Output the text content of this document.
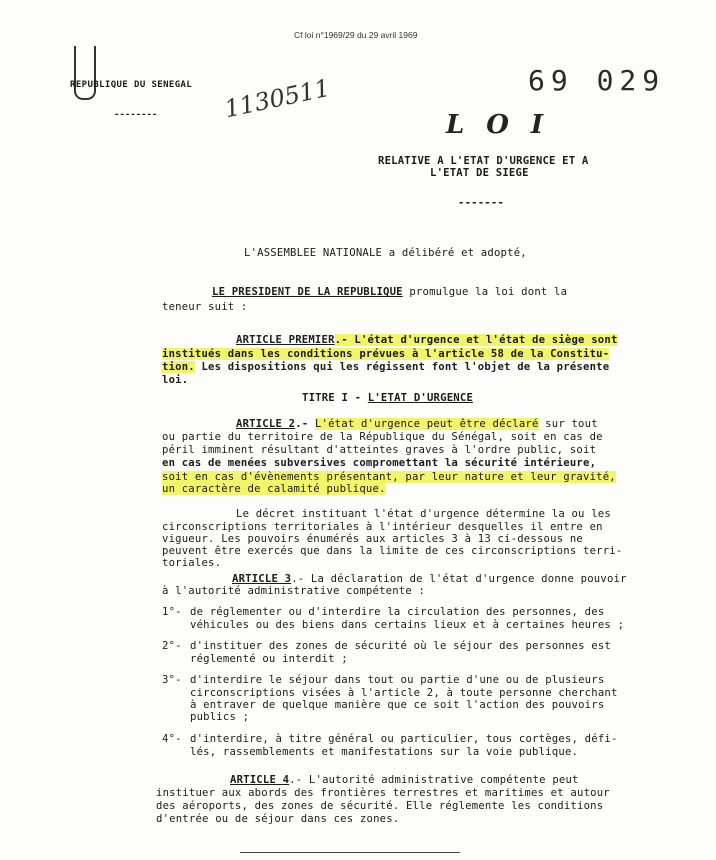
Cf loi n°1969/29 du 29 avril 1969
REPUBLIQUE DU SENEGAL
--------	1130511	69 029
LOI
RELATIVE A L'ETAT D'URGENCE ET A
L'ETAT DE SIEGE
-------
L'ASSEMBLEE NATIONALE a délibéré et adopté,
LE PRESIDENT DE LA REPUBLIQUE promulgue la loi dont la
teneur suit :
ARTICLE PREMIER.- L'état d'urgence et l'état de siège sont
institués dans les conditions prévues à l'article 58 de la Constitu-
tion. Les dispositions qui les régissent font l'objet de la présente
loi.
TITRE I - L'ETAT D'URGENCE
ARTICLE 2.- L'état d'urgence peut être déclaré sur tout
ou partie du territoire de la République du Sénégal, soit en cas de
péril imminent résultant d'atteintes graves à l'ordre public, soit
en cas de menées subversives compromettant la sécurité intérieure,
soit en cas d'évènements présentant, par leur nature et leur gravité,
un caractère de calamité publique.
Le décret instituant l'état d'urgence détermine la ou les
circonscriptions territoriales à l'intérieur desquelles il entre en
vigueur. Les pouvoirs énumérés aux articles 3 à 13 ci-dessous ne
peuvent être exercés que dans la limite de ces circonscriptions terri-
toriales.
ARTICLE 3.- La déclaration de l'état d'urgence donne pouvoir
à l'autorité administrative compétente :
1°- de réglementer ou d'interdire la circulation des personnes, des
véhicules ou des biens dans certains lieux et à certaines heures ;
2°- d'instituer des zones de sécurité où le séjour des personnes est
réglementé ou interdit ;
3°- d'interdire le séjour dans tout ou partie d'une ou de plusieurs
circonscriptions visées à l'article 2, à toute personne cherchant
à entraver de quelque manière que ce soit l'action des pouvoirs
publics ;
4°- d'interdire, à titre général ou particulier, tous cortèges, défi-
lés, rassemblements et manifestations sur la voie publique.
ARTICLE 4.- L'autorité administrative compétente peut
instituer aux abords des frontières terrestres et maritimes et autour
des aéroports, des zones de sécurité. Elle réglemente les conditions
d'entrée ou de séjour dans ces zones.
